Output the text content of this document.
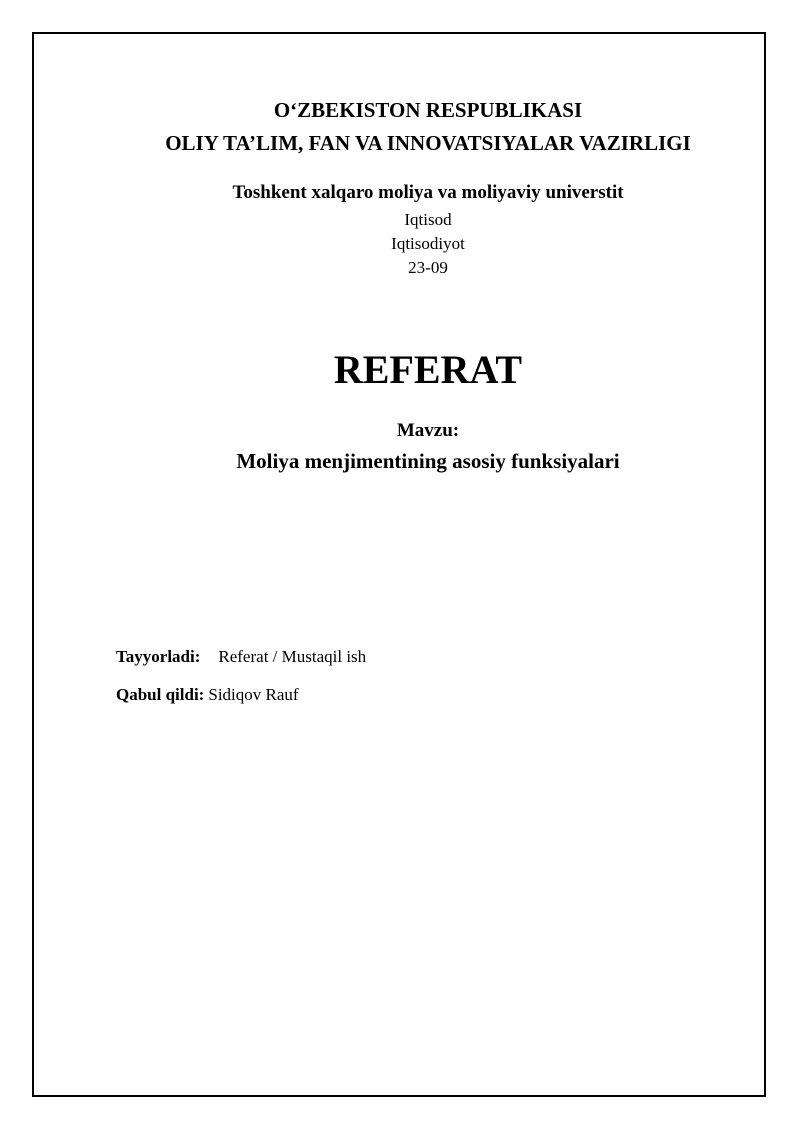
O‘ZBEKISTON RESPUBLIKASI
OLIY TA’LIM, FAN VA INNOVATSIYALAR VAZIRLIGI
Toshkent xalqaro moliya va moliyaviy universtit
Iqtisod
Iqtisodiyot
23-09
REFERAT
Mavzu:
Moliya menjimentining asosiy funksiyalari
Tayyorladi: Referat / Mustaqil ish
Qabul qildi: Sidiqov Rauf
